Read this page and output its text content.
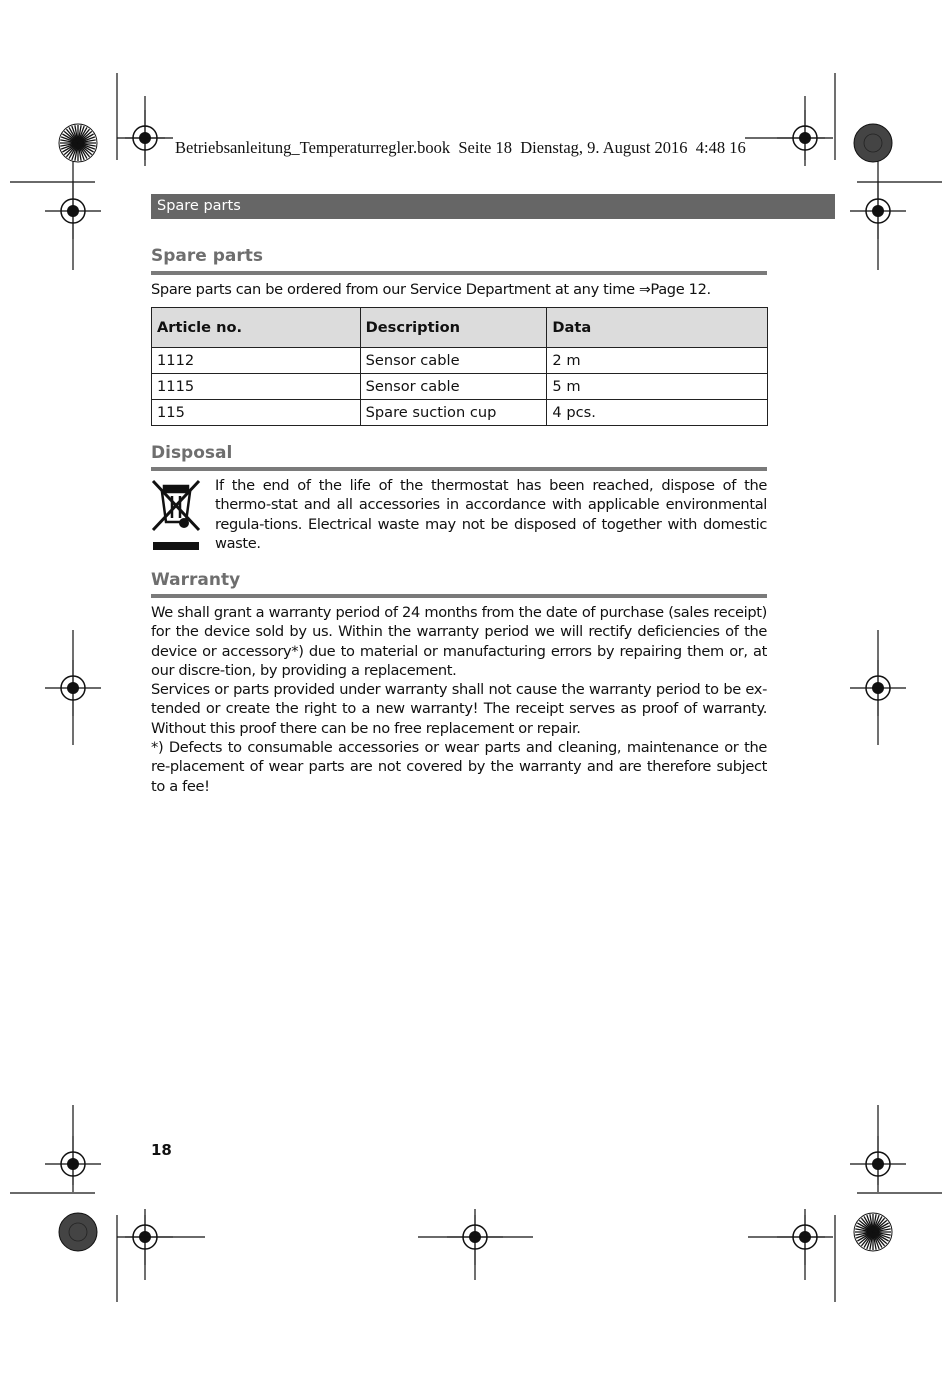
Betriebsanleitung_Temperaturregler.book  Seite 18  Dienstag, 9. August 2016  4:48 16
Spare parts
Spare parts
Spare parts can be ordered from our Service Department at any time ⇒Page 12.
Article no.	Description	Data
1112	Sensor cable	2 m
1115	Sensor cable	5 m
115	Spare suction cup	4 pcs.
Disposal
If the end of the life of the thermostat has been reached, dispose of the thermo-stat and all accessories in accordance with applicable environmental regula-tions. Electrical waste may not be disposed of together with domestic waste.
Warranty

We shall grant a warranty period of 24 months from the date of purchase (sales receipt) for the device sold by us. Within the warranty period we will rectify deficiencies of the device or accessory*) due to material or manufacturing errors by repairing them or, at our discre-tion, by providing a replacement.

Services or parts provided under warranty shall not cause the warranty period to be ex-tended or create the right to a new warranty! The receipt serves as proof of warranty. Without this proof there can be no free replacement or repair.

*) Defects to consumable accessories or wear parts and cleaning, maintenance or the re-placement of wear parts are not covered by the warranty and are therefore subject to a fee!

18
